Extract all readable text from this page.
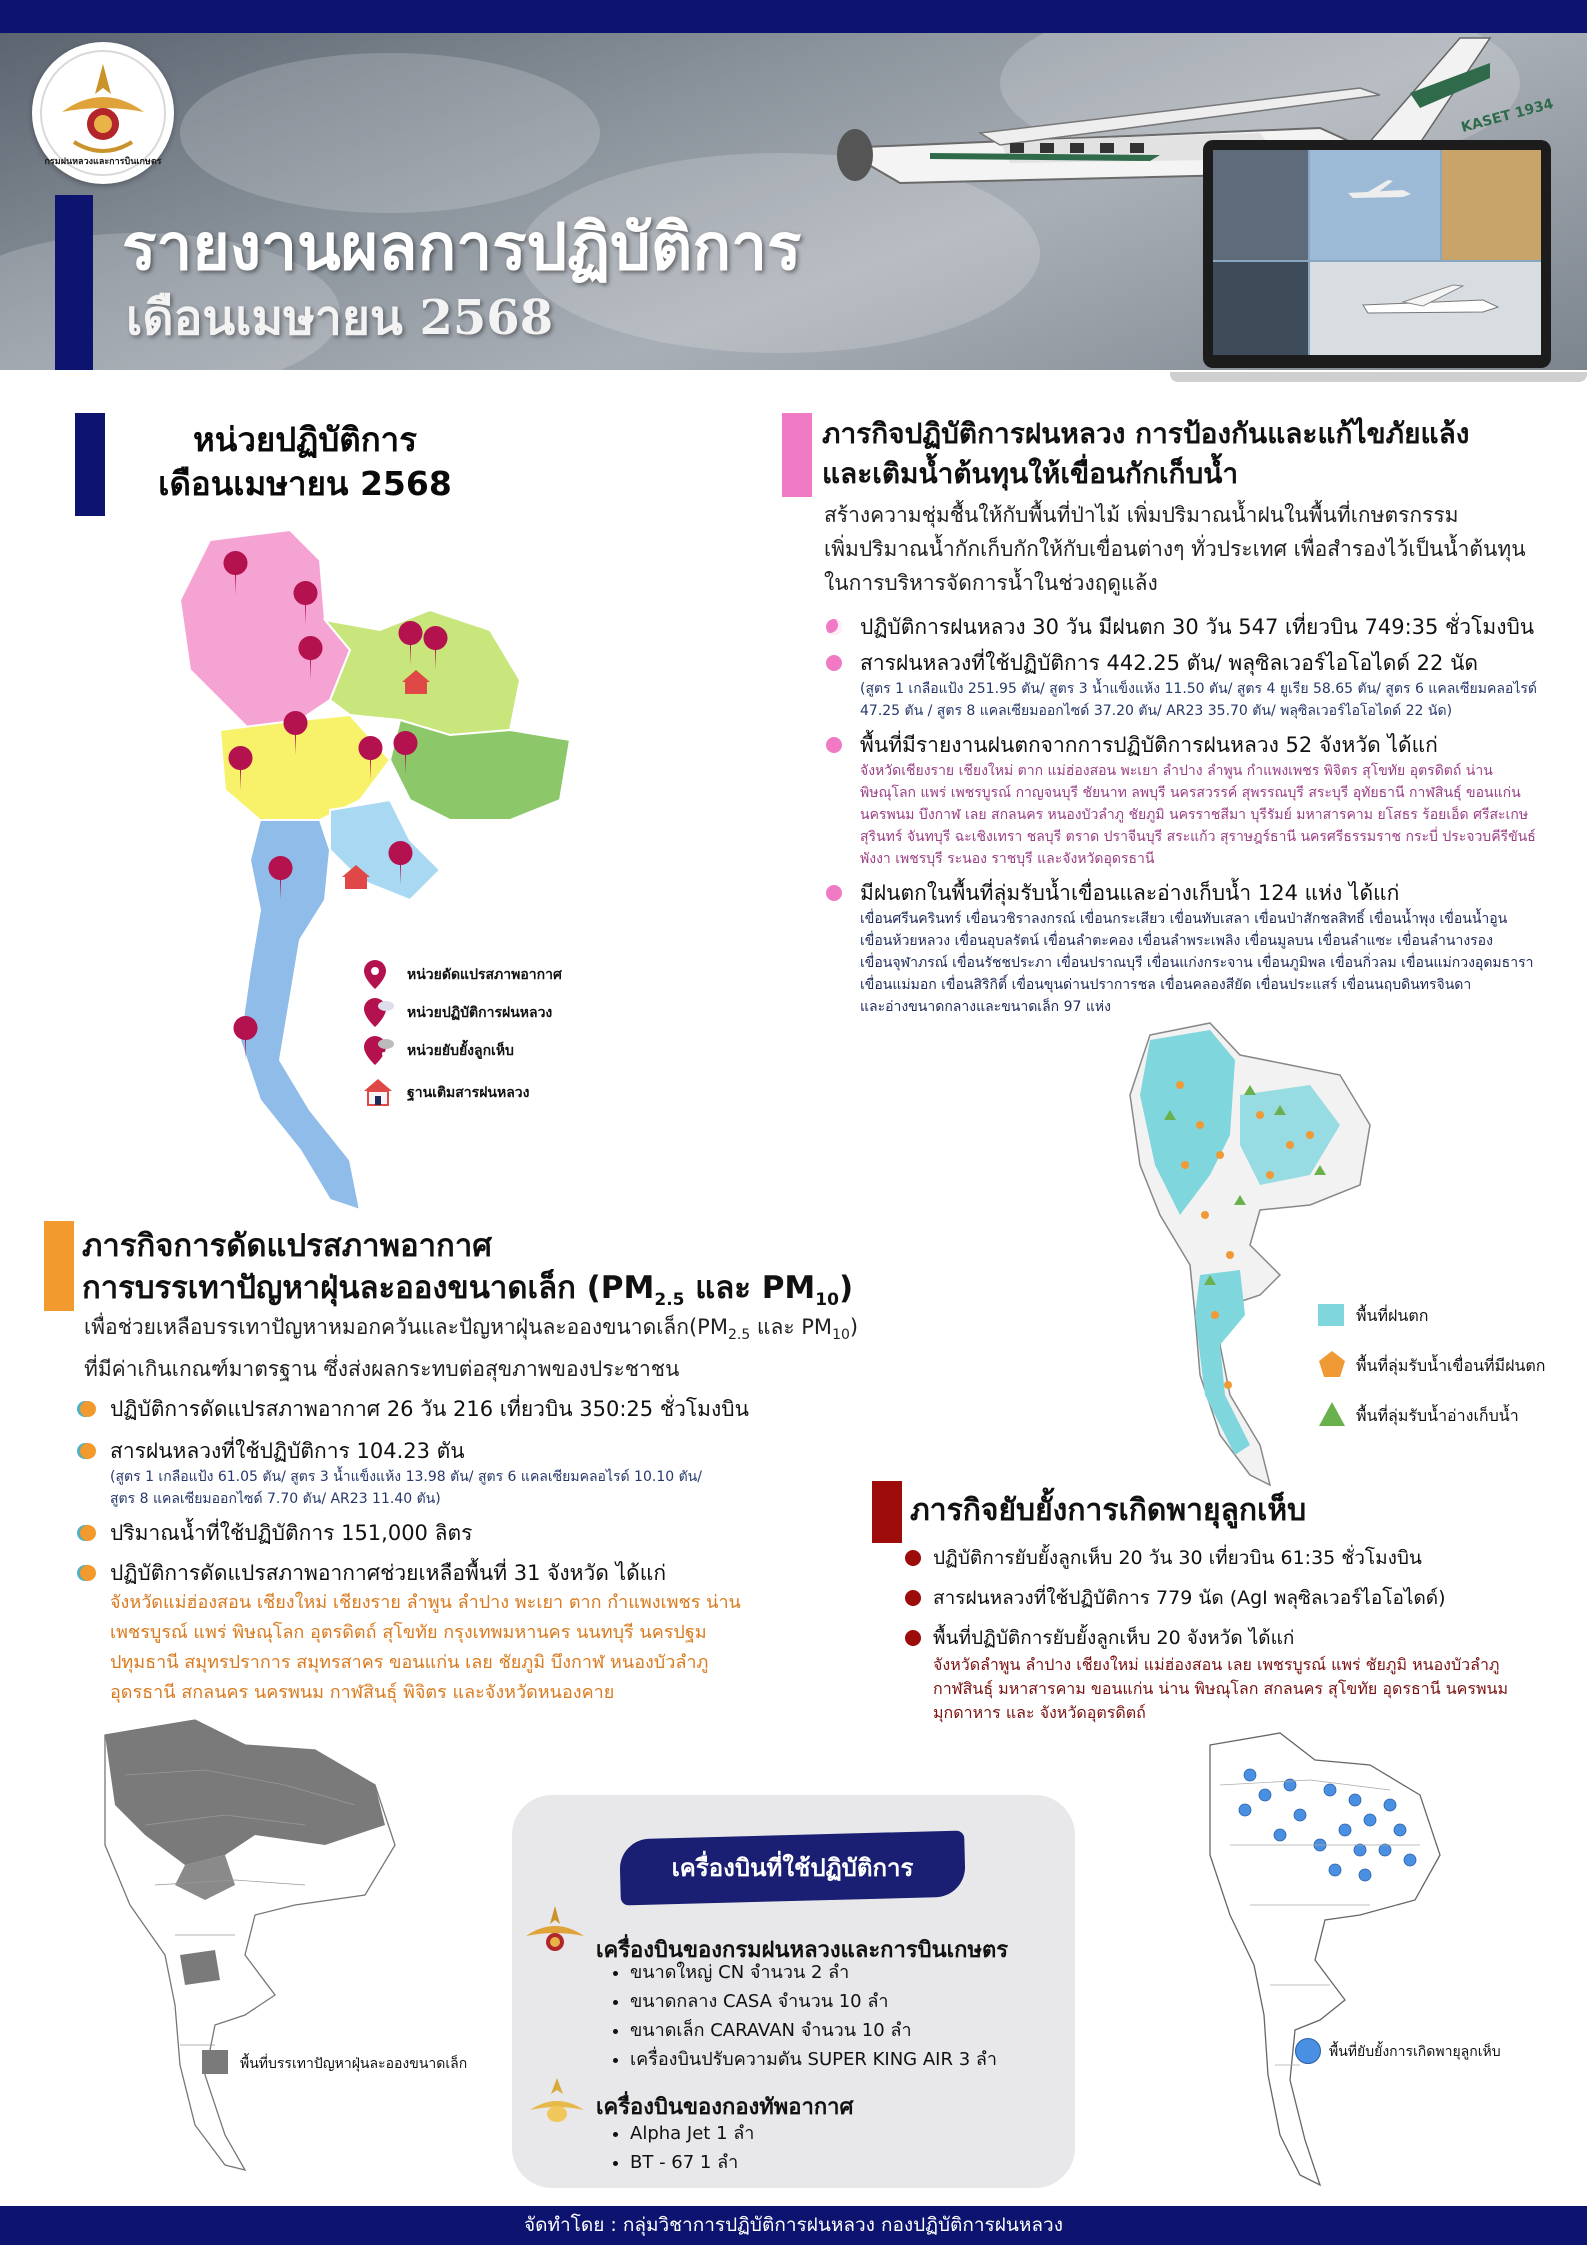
KASET 1934
กรมฝนหลวงและการบินเกษตร
รายงานผลการปฏิบัติการ
เดือนเมษายน 2568
หน่วยปฏิบัติการ
เดือนเมษายน 2568
หน่วยดัดแปรสภาพอากาศ
หน่วยปฏิบัติการฝนหลวง
หน่วยยับยั้งลูกเห็บ
ฐานเติมสารฝนหลวง
ภารกิจปฏิบัติการฝนหลวง การป้องกันและแก้ไขภัยแล้ง
และเติมน้ำต้นทุนให้เขื่อนกักเก็บน้ำ
สร้างความชุ่มชื้นให้กับพื้นที่ป่าไม้ เพิ่มปริมาณน้ำฝนในพื้นที่เกษตรกรรม
เพิ่มปริมาณน้ำกักเก็บกักให้กับเขื่อนต่างๆ ทั่วประเทศ เพื่อสำรองไว้เป็นน้ำต้นทุน
ในการบริหารจัดการน้ำในช่วงฤดูแล้ง
ปฏิบัติการฝนหลวง 30 วัน มีฝนตก 30 วัน 547 เที่ยวบิน 749:35 ชั่วโมงบิน
สารฝนหลวงที่ใช้ปฏิบัติการ 442.25 ตัน/ พลุซิลเวอร์ไอโอไดด์ 22 นัด
(สูตร 1 เกลือแป้ง 251.95 ตัน/ สูตร 3 น้ำแข็งแห้ง 11.50 ตัน/ สูตร 4 ยูเรีย 58.65 ตัน/ สูตร 6 แคลเซียมคลอไรด์
47.25 ตัน / สูตร 8 แคลเซียมออกไซด์ 37.20 ตัน/ AR23 35.70 ตัน/ พลุซิลเวอร์ไอโอไดด์ 22 นัด)
พื้นที่มีรายงานฝนตกจากการปฏิบัติการฝนหลวง 52 จังหวัด ได้แก่
จังหวัดเชียงราย เชียงใหม่ ตาก แม่ฮ่องสอน พะเยา ลำปาง ลำพูน กำแพงเพชร พิจิตร สุโขทัย อุตรดิตถ์ น่าน
พิษณุโลก แพร่ เพชรบูรณ์ กาญจนบุรี ชัยนาท ลพบุรี นครสวรรค์ สุพรรณบุรี สระบุรี อุทัยธานี กาฬสินธุ์ ขอนแก่น
นครพนม บึงกาฬ เลย สกลนคร หนองบัวลำภู ชัยภูมิ นครราชสีมา บุรีรัมย์ มหาสารคาม ยโสธร ร้อยเอ็ด ศรีสะเกษ
สุรินทร์ จันทบุรี ฉะเชิงเทรา ชลบุรี ตราด ปราจีนบุรี สระแก้ว สุราษฎร์ธานี นครศรีธรรมราช กระบี่ ประจวบคีรีขันธ์
พังงา เพชรบุรี ระนอง ราชบุรี และจังหวัดอุดรธานี
มีฝนตกในพื้นที่ลุ่มรับน้ำเขื่อนและอ่างเก็บน้ำ 124 แห่ง ได้แก่
เขื่อนศรีนครินทร์ เขื่อนวชิราลงกรณ์ เขื่อนกระเสียว เขื่อนทับเสลา เขื่อนป่าสักชลสิทธิ์ เขื่อนน้ำพุง เขื่อนน้ำอูน
เขื่อนห้วยหลวง เขื่อนอุบลรัตน์ เขื่อนลำตะคอง เขื่อนลำพระเพลิง เขื่อนมูลบน เขื่อนลำแซะ เขื่อนลำนางรอง
เขื่อนจุฬาภรณ์ เขื่อนรัชชประภา เขื่อนปราณบุรี เขื่อนแก่งกระจาน เขื่อนภูมิพล เขื่อนกิ่วลม เขื่อนแม่กวงอุดมธารา
เขื่อนแม่มอก เขื่อนสิริกิติ์ เขื่อนขุนด่านปราการชล เขื่อนคลองสียัด เขื่อนประแสร์ เขื่อนนฤบดินทรจินดา
และอ่างขนาดกลางและขนาดเล็ก 97 แห่ง
พื้นที่ฝนตก
พื้นที่ลุ่มรับน้ำเขื่อนที่มีฝนตก
พื้นที่ลุ่มรับน้ำอ่างเก็บน้ำ
ภารกิจการดัดแปรสภาพอากาศ
การบรรเทาปัญหาฝุ่นละอองขนาดเล็ก ($PM_{2.5}$ และ $PM_{10}$)
เพื่อช่วยเหลือบรรเทาปัญหาหมอกควันและปัญหาฝุ่นละอองขนาดเล็ก($PM_{2.5}$ และ $PM_{10}$)
ที่มีค่าเกินเกณฑ์มาตรฐาน ซึ่งส่งผลกระทบต่อสุขภาพของประชาชน
ปฏิบัติการดัดแปรสภาพอากาศ 26 วัน 216 เที่ยวบิน 350:25 ชั่วโมงบิน
สารฝนหลวงที่ใช้ปฏิบัติการ 104.23 ตัน
(สูตร 1 เกลือแป้ง 61.05 ตัน/ สูตร 3 น้ำแข็งแห้ง 13.98 ตัน/ สูตร 6 แคลเซียมคลอไรด์ 10.10 ตัน/
สูตร 8 แคลเซียมออกไซด์ 7.70 ตัน/ AR23 11.40 ตัน)
ปริมาณน้ำที่ใช้ปฏิบัติการ 151,000 ลิตร
ปฏิบัติการดัดแปรสภาพอากาศช่วยเหลือพื้นที่ 31 จังหวัด ได้แก่
จังหวัดแม่ฮ่องสอน เชียงใหม่ เชียงราย ลำพูน ลำปาง พะเยา ตาก กำแพงเพชร น่าน
เพชรบูรณ์ แพร่ พิษณุโลก อุตรดิตถ์ สุโขทัย กรุงเทพมหานคร นนทบุรี นครปฐม
ปทุมธานี สมุทรปราการ สมุทรสาคร ขอนแก่น เลย ชัยภูมิ บึงกาฬ หนองบัวลำภู
อุดรธานี สกลนคร นครพนม กาฬสินธุ์ พิจิตร และจังหวัดหนองคาย
พื้นที่บรรเทาปัญหาฝุ่นละอองขนาดเล็ก
ภารกิจยับยั้งการเกิดพายุลูกเห็บ
ปฏิบัติการยับยั้งลูกเห็บ 20 วัน 30 เที่ยวบิน 61:35 ชั่วโมงบิน
สารฝนหลวงที่ใช้ปฏิบัติการ 779 นัด (AgI พลุซิลเวอร์ไอโอไดด์)
พื้นที่ปฏิบัติการยับยั้งลูกเห็บ 20 จังหวัด ได้แก่
จังหวัดลำพูน ลำปาง เชียงใหม่ แม่ฮ่องสอน เลย เพชรบูรณ์ แพร่ ชัยภูมิ หนองบัวลำภู
กาฬสินธุ์ มหาสารคาม ขอนแก่น น่าน พิษณุโลก สกลนคร สุโขทัย อุดรธานี นครพนม
มุกดาหาร และ จังหวัดอุตรดิตถ์
พื้นที่ยับยั้งการเกิดพายุลูกเห็บ
เครื่องบินที่ใช้ปฏิบัติการ
เครื่องบินของกรมฝนหลวงและการบินเกษตร
• ขนาดใหญ่ CN จำนวน 2 ลำ
• ขนาดกลาง CASA จำนวน 10 ลำ
• ขนาดเล็ก CARAVAN จำนวน 10 ลำ
• เครื่องบินปรับความดัน SUPER KING AIR 3 ลำ
เครื่องบินของกองทัพอากาศ
• Alpha Jet 1 ลำ
• BT - 67 1 ลำ
จัดทำโดย : กลุ่มวิชาการปฏิบัติการฝนหลวง กองปฏิบัติการฝนหลวง
